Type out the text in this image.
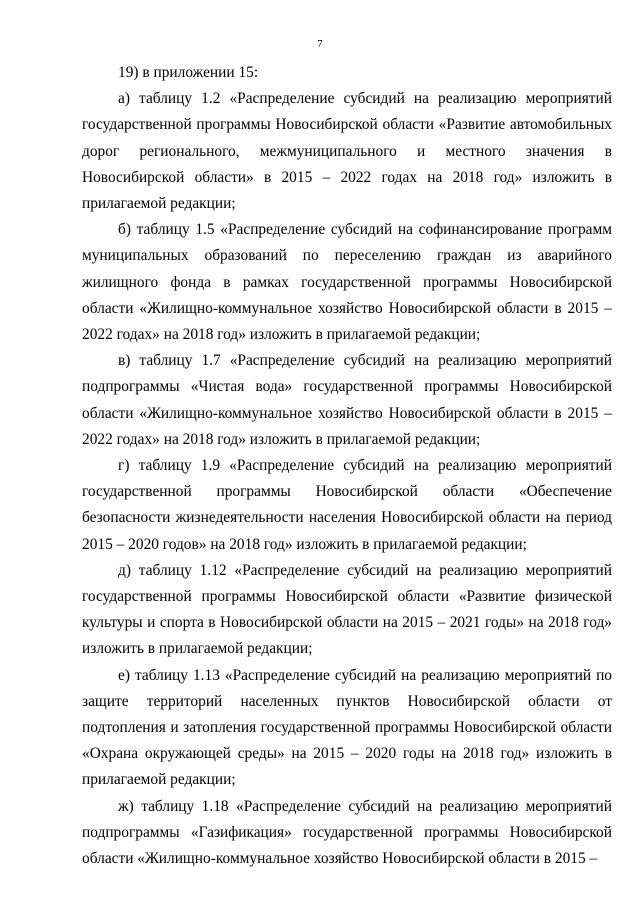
7

19) в приложении 15:

а) таблицу 1.2 «Распределение субсидий на реализацию мероприятий государственной программы Новосибирской области «Развитие автомобильных дорог регионального, межмуниципального и местного значения в Новосибирской области» в 2015 – 2022 годах на 2018 год» изложить в прилагаемой редакции;

б) таблицу 1.5 «Распределение субсидий на софинансирование программ муниципальных образований по переселению граждан из аварийного жилищного фонда в рамках государственной программы Новосибирской области «Жилищно-коммунальное хозяйство Новосибирской области в 2015 – 2022 годах» на 2018 год» изложить в прилагаемой редакции;

в) таблицу 1.7 «Распределение субсидий на реализацию мероприятий подпрограммы «Чистая вода» государственной программы Новосибирской области «Жилищно-коммунальное хозяйство Новосибирской области в 2015 – 2022 годах» на 2018 год» изложить в прилагаемой редакции;

г) таблицу 1.9 «Распределение субсидий на реализацию мероприятий государственной программы Новосибирской области «Обеспечение безопасности жизнедеятельности населения Новосибирской области на период 2015 – 2020 годов» на 2018 год» изложить в прилагаемой редакции;

д) таблицу 1.12 «Распределение субсидий на реализацию мероприятий государственной программы Новосибирской области «Развитие физической культуры и спорта в Новосибирской области на 2015 – 2021 годы» на 2018 год» изложить в прилагаемой редакции;

е) таблицу 1.13 «Распределение субсидий на реализацию мероприятий по защите территорий населенных пунктов Новосибирской области от подтопления и затопления государственной программы Новосибирской области «Охрана окружающей среды» на 2015 – 2020 годы на 2018 год» изложить в прилагаемой редакции;

ж) таблицу 1.18 «Распределение субсидий на реализацию мероприятий подпрограммы «Газификация» государственной программы Новосибирской области «Жилищно-коммунальное хозяйство Новосибирской области в 2015 –
